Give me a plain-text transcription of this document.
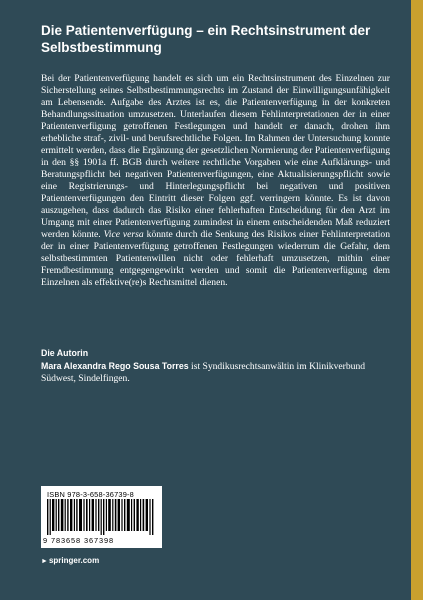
Die Patientenverfügung – ein Rechtsinstrument der Selbstbestimmung
Bei der Patientenverfügung handelt es sich um ein Rechtsinstrument des Einzelnen zur Sicherstellung seines Selbstbestimmungsrechts im Zustand der Einwilligungsunfähigkeit am Lebensende. Aufgabe des Arztes ist es, die Patientenverfügung in der konkreten Behandlungssituation umzusetzen. Unterlaufen diesem Fehlinterpretationen der in einer Patientenverfügung getroffenen Festlegungen und handelt er danach, drohen ihm erhebliche straf-, zivil- und berufsrechtliche Folgen. Im Rahmen der Untersuchung konnte ermittelt werden, dass die Ergänzung der gesetzlichen Normierung der Patientenverfügung in den §§ 1901a ff. BGB durch weitere rechtliche Vorgaben wie eine Aufklärungs- und Beratungspflicht bei negativen Patientenverfügungen, eine Aktualisierungspflicht sowie eine Registrierungs- und Hinterlegungspflicht bei negativen und positiven Patientenverfügungen den Eintritt dieser Folgen ggf. verringern könnte. Es ist davon auszugehen, dass dadurch das Risiko einer fehlerhaften Entscheidung für den Arzt im Umgang mit einer Patientenverfügung zumindest in einem entscheidenden Maß reduziert werden könnte. Vice versa könnte durch die Senkung des Risikos einer Fehlinterpretation der in einer Patientenverfügung getroffenen Festlegungen wiederrum die Gefahr, dem selbstbestimmten Patientenwillen nicht oder fehlerhaft umzusetzen, mithin einer Fremdbestimmung entgegengewirkt werden und somit die Patientenverfügung dem Einzelnen als effektive(re)s Rechtsmittel dienen.
Die Autorin
Mara Alexandra Rego Sousa Torres ist Syndikusrechtsanwältin im Klinikverbund Südwest, Sindelfingen.
ISBN 978-3-658-36739-8
9 783658 367398
►springer.com
